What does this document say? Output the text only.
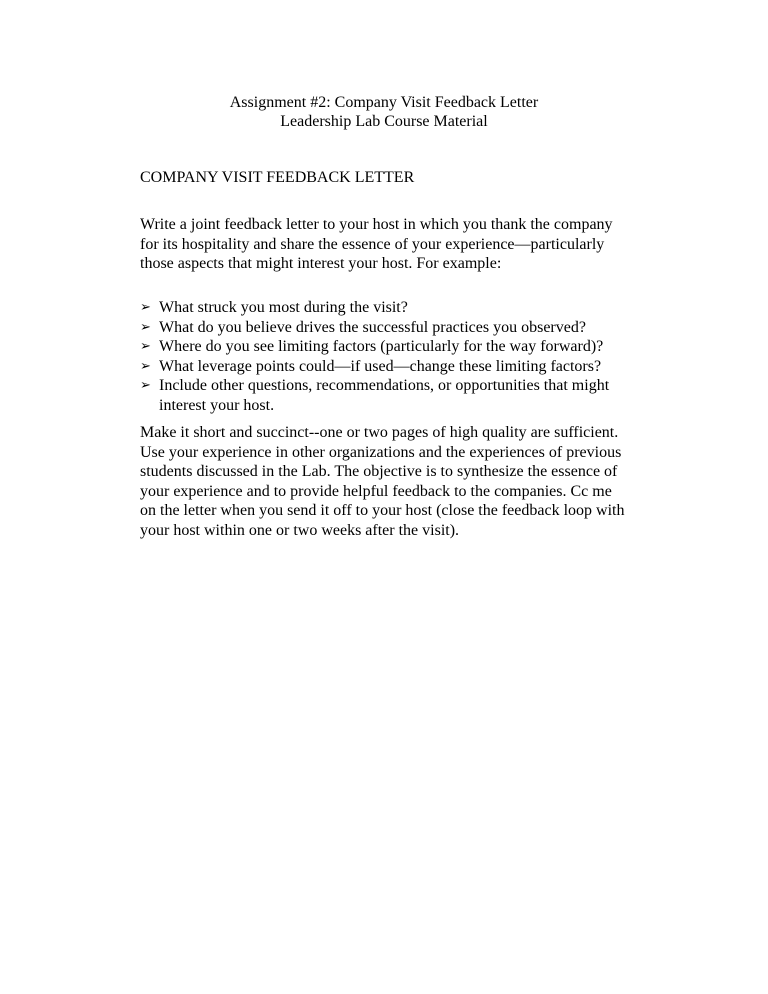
Assignment #2: Company Visit Feedback Letter
Leadership Lab Course Material
COMPANY VISIT FEEDBACK LETTER
Write a joint feedback letter to your host in which you thank the company
for its hospitality and share the essence of your experience—particularly
those aspects that might interest your host. For example:
➢ What struck you most during the visit?
➢ What do you believe drives the successful practices you observed?
➢ Where do you see limiting factors (particularly for the way forward)?
➢ What leverage points could—if used—change these limiting factors?
➢ Include other questions, recommendations, or opportunities that might
interest your host.
Make it short and succinct--one or two pages of high quality are sufficient.
Use your experience in other organizations and the experiences of previous
students discussed in the Lab. The objective is to synthesize the essence of
your experience and to provide helpful feedback to the companies. Cc me
on the letter when you send it off to your host (close the feedback loop with
your host within one or two weeks after the visit).
